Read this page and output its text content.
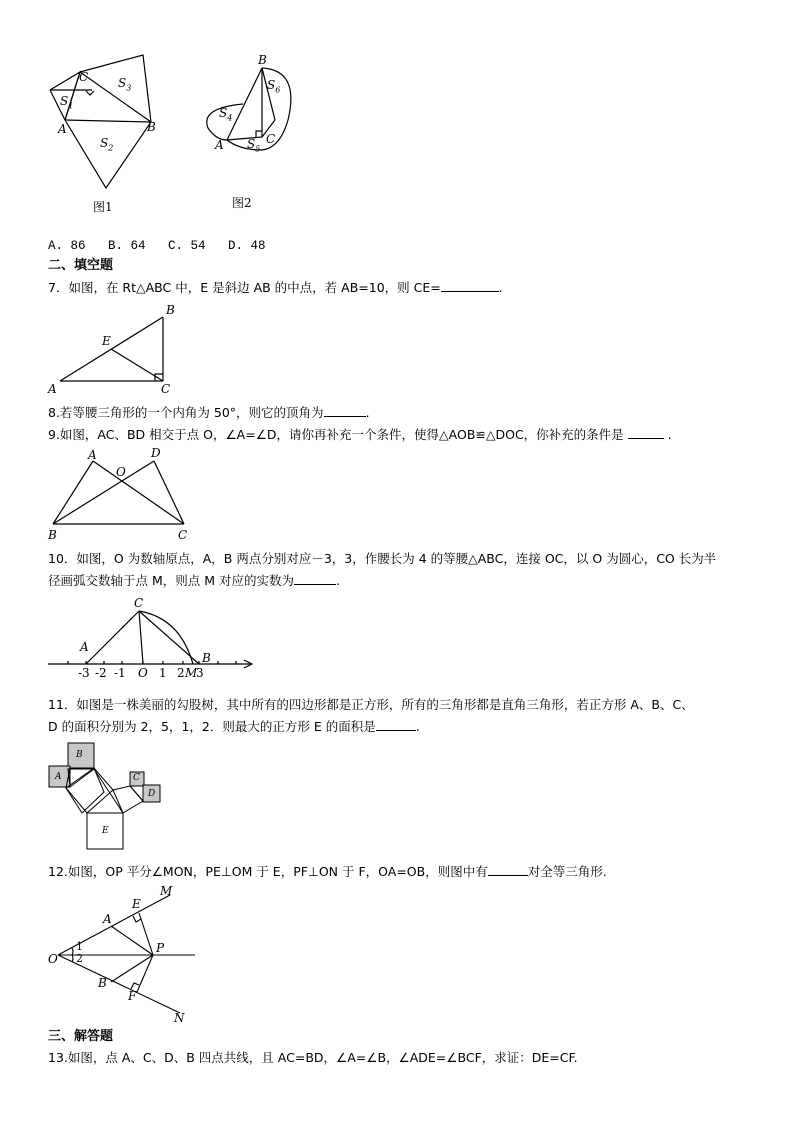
C $S_3$
$S_1$
A	B
$S_2$
图1
B
$S_6$
$S_4$
C
A $S_5$
图2
A. 86   B. 64   C. 54   D. 48
二、填空题
7．如图，在 Rt△ABC 中，E 是斜边 AB 的中点，若 AB=10，则 CE=	.
B
E
A	C
8.若等腰三角形的一个内角为 50°，则它的顶角为	.
9.如图，AC、BD 相交于点 O，∠A=∠D，请你再补充一个条件，使得△AOB≌△DOC，你补充的条件是	.
A	D
O
B	C
10．如图，O 为数轴原点，A，B 两点分别对应－3，3，作腰长为 4 的等腰△ABC，连接 OC，以 O 为圆心，CO 长为半
径画弧交数轴于点 M，则点 M 对应的实数为	.
C
A
B
-3 -2 -1 O 1 2 M
3
11．如图是一株美丽的勾股树，其中所有的四边形都是正方形，所有的三角形都是直角三角形，若正方形 A、B、C、
D 的面积分别为 2，5，1，2．则最大的正方形 E 的面积是	.
B
A	C
D
E
12.如图，OP 平分∠MON，PE⊥OM 于 E，PF⊥ON 于 F，OA=OB，则图中有	对全等三角形.
M
E
A
1
O
P
2
B
F
N
三、解答题
13.如图，点 A、C、D、B 四点共线，且 AC=BD，∠A=∠B，∠ADE=∠BCF，求证：DE=CF.
